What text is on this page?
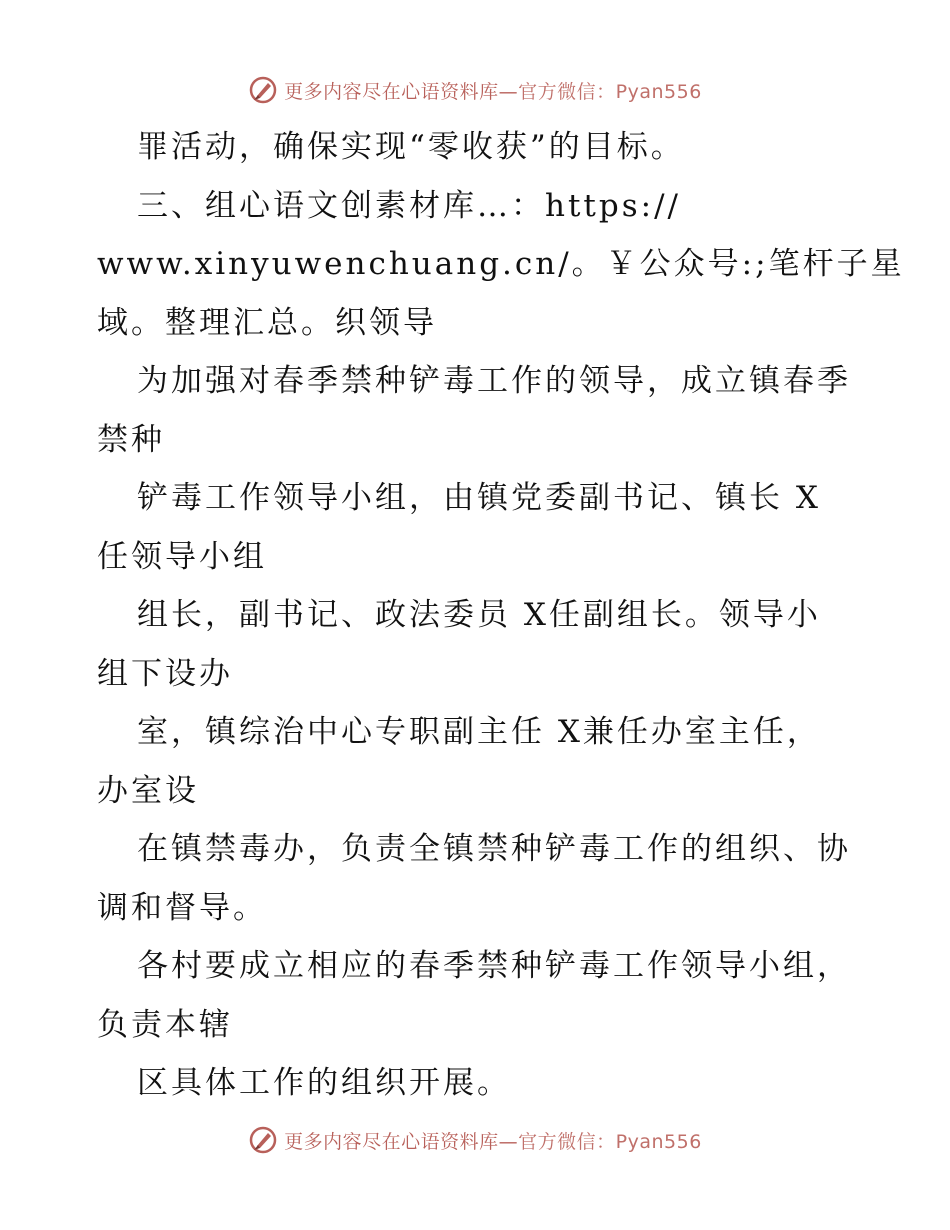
更多内容尽在心语资料库—官方微信：Pyan556
罪活动，确保实现“零收获”的目标。
三、组心语文创素材库…：https://
www.xinyuwenchuang.cn/。￥公众号:;笔杆子星
域。整理汇总。织领导
为加强对春季禁种铲毒工作的领导，成立镇春季
禁种
铲毒工作领导小组，由镇党委副书记、镇长 X
任领导小组
组长，副书记、政法委员 X任副组长。领导小
组下设办
室，镇综治中心专职副主任 X兼任办室主任，
办室设
在镇禁毒办，负责全镇禁种铲毒工作的组织、协
调和督导。
各村要成立相应的春季禁种铲毒工作领导小组，
负责本辖
区具体工作的组织开展。
更多内容尽在心语资料库—官方微信：Pyan556
